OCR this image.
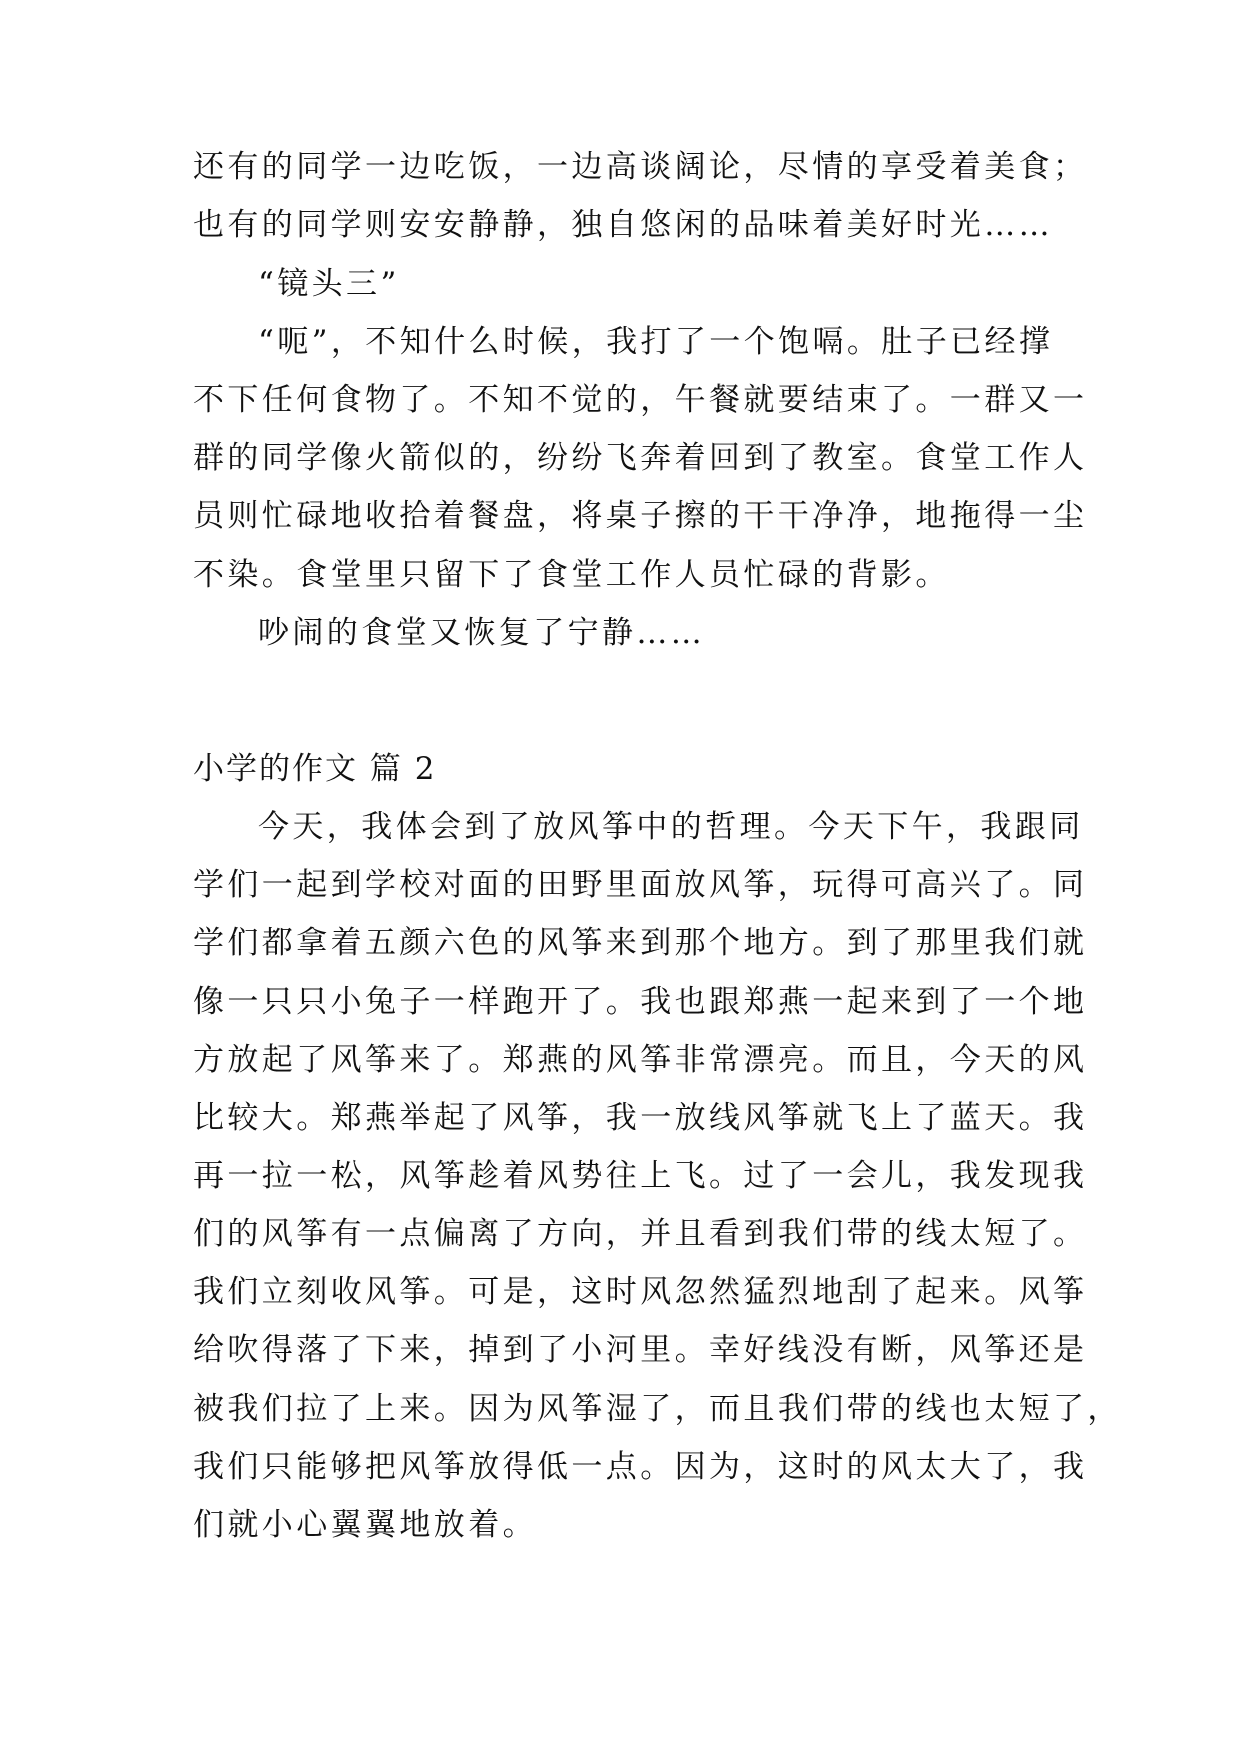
还有的同学一边吃饭，一边高谈阔论，尽情的享受着美食；
也有的同学则安安静静，独自悠闲的品味着美好时光……
“镜头三”
“呃”，不知什么时候，我打了一个饱嗝。肚子已经撑
不下任何食物了。不知不觉的，午餐就要结束了。一群又一
群的同学像火箭似的，纷纷飞奔着回到了教室。食堂工作人
员则忙碌地收拾着餐盘，将桌子擦的干干净净，地拖得一尘
不染。食堂里只留下了食堂工作人员忙碌的背影。
吵闹的食堂又恢复了宁静……
小学的作文 篇 2
今天，我体会到了放风筝中的哲理。今天下午，我跟同
学们一起到学校对面的田野里面放风筝，玩得可高兴了。同
学们都拿着五颜六色的风筝来到那个地方。到了那里我们就
像一只只小兔子一样跑开了。我也跟郑燕一起来到了一个地
方放起了风筝来了。郑燕的风筝非常漂亮。而且，今天的风
比较大。郑燕举起了风筝，我一放线风筝就飞上了蓝天。我
再一拉一松，风筝趁着风势往上飞。过了一会儿，我发现我
们的风筝有一点偏离了方向，并且看到我们带的线太短了。
我们立刻收风筝。可是，这时风忽然猛烈地刮了起来。风筝
给吹得落了下来，掉到了小河里。幸好线没有断，风筝还是
被我们拉了上来。因为风筝湿了，而且我们带的线也太短了，
我们只能够把风筝放得低一点。因为，这时的风太大了，我
们就小心翼翼地放着。
